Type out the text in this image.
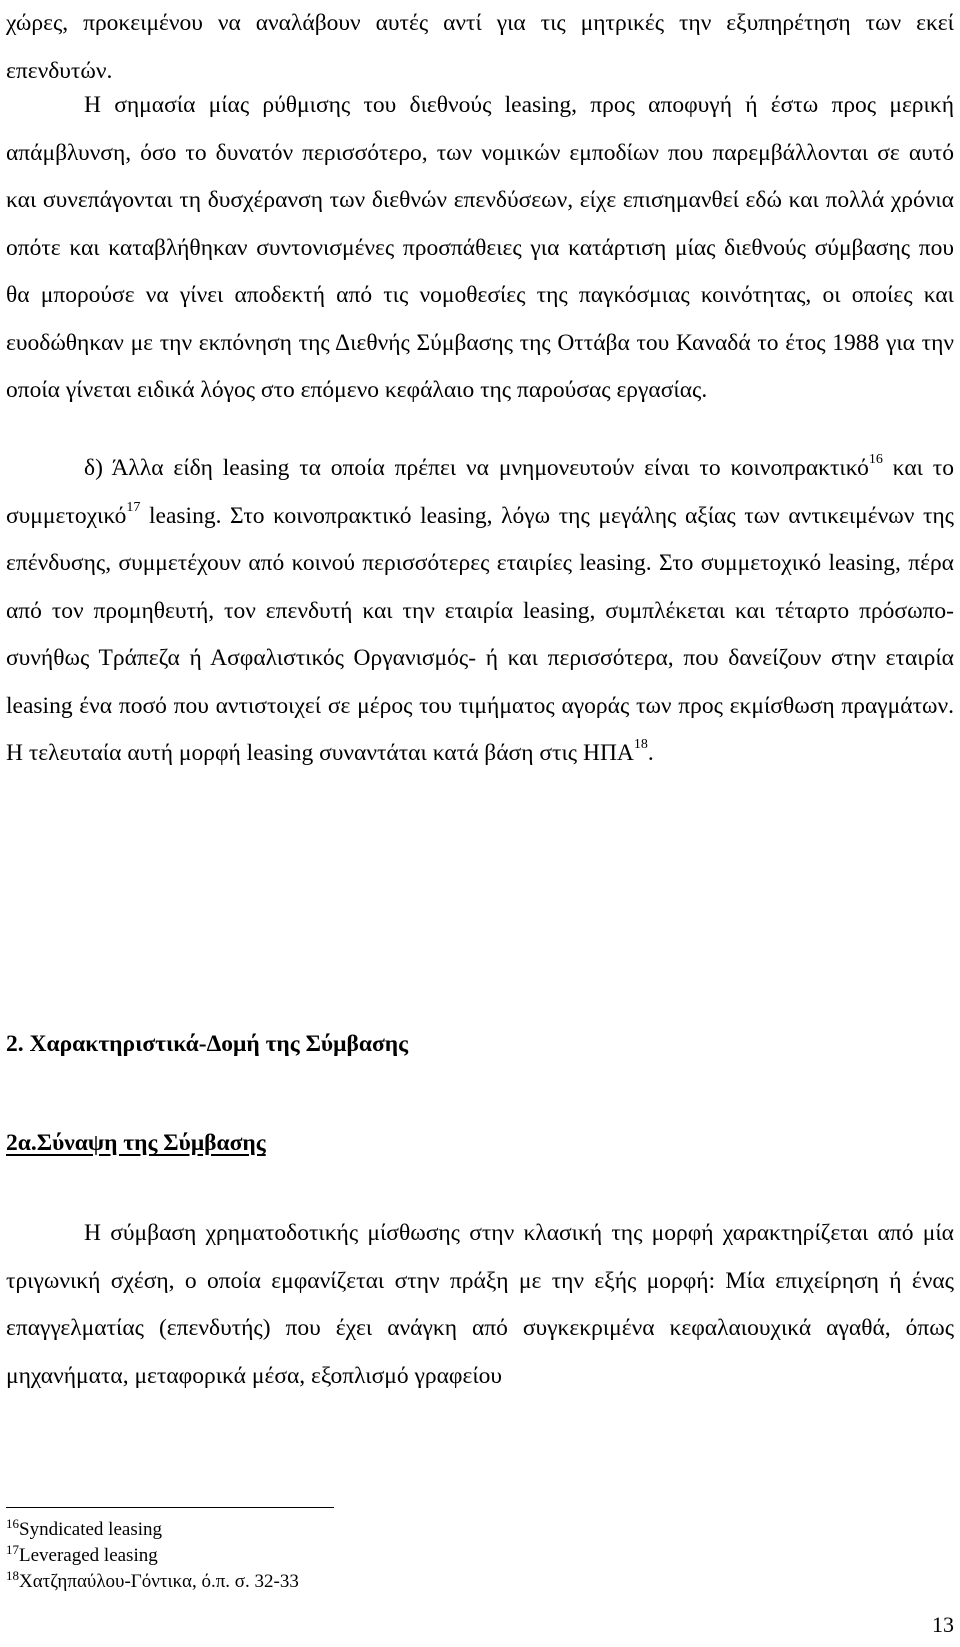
χώρες, προκειμένου να αναλάβουν αυτές αντί για τις μητρικές την εξυπηρέτηση των εκεί επενδυτών.

Η σημασία μίας ρύθμισης του διεθνούς leasing, προς αποφυγή ή έστω προς μερική απάμβλυνση, όσο το δυνατόν περισσότερο, των νομικών εμποδίων που παρεμβάλλονται σε αυτό και συνεπάγονται τη δυσχέρανση των διεθνών επενδύσεων, είχε επισημανθεί εδώ και πολλά χρόνια οπότε και καταβλήθηκαν συντονισμένες προσπάθειες για κατάρτιση μίας διεθνούς σύμβασης που θα μπορούσε να γίνει αποδεκτή από τις νομοθεσίες της παγκόσμιας κοινότητας, οι οποίες και ευοδώθηκαν με την εκπόνηση της Διεθνής Σύμβασης της Οττάβα του Καναδά το έτος 1988 για την οποία γίνεται ειδικά λόγος στο επόμενο κεφάλαιο της παρούσας εργασίας.

δ) Άλλα είδη leasing τα οποία πρέπει να μνημονευτούν είναι το κοινοπρακτικό$^{16}$ και το συμμετοχικό$^{17}$ leasing. Στο κοινοπρακτικό leasing, λόγω της μεγάλης αξίας των αντικειμένων της επένδυσης, συμμετέχουν από κοινού περισσότερες εταιρίες leasing. Στο συμμετοχικό leasing, πέρα από τον προμηθευτή, τον επενδυτή και την εταιρία leasing, συμπλέκεται και τέταρτο πρόσωπο-συνήθως Τράπεζα ή Ασφαλιστικός Οργανισμός- ή και περισσότερα, που δανείζουν στην εταιρία leasing ένα ποσό που αντιστοιχεί σε μέρος του τιμήματος αγοράς των προς εκμίσθωση πραγμάτων. Η τελευταία αυτή μορφή leasing συναντάται κατά βάση στις ΗΠΑ$^{18}$.

2. Χαρακτηριστικά-Δομή της Σύμβασης
2α.Σύναψη της Σύμβασης

Η σύμβαση χρηματοδοτικής μίσθωσης στην κλασική της μορφή χαρακτηρίζεται από μία τριγωνική σχέση, ο οποία εμφανίζεται στην πράξη με την εξής μορφή: Μία επιχείρηση ή ένας επαγγελματίας (επενδυτής) που έχει ανάγκη από συγκεκριμένα κεφαλαιουχικά αγαθά, όπως μηχανήματα, μεταφορικά μέσα, εξοπλισμό γραφείου

$^{16}$Syndicated leasing
$^{17}$Leveraged leasing
$^{18}$Χατζηπαύλου-Γόντικα, ό.π. σ. 32-33
13
